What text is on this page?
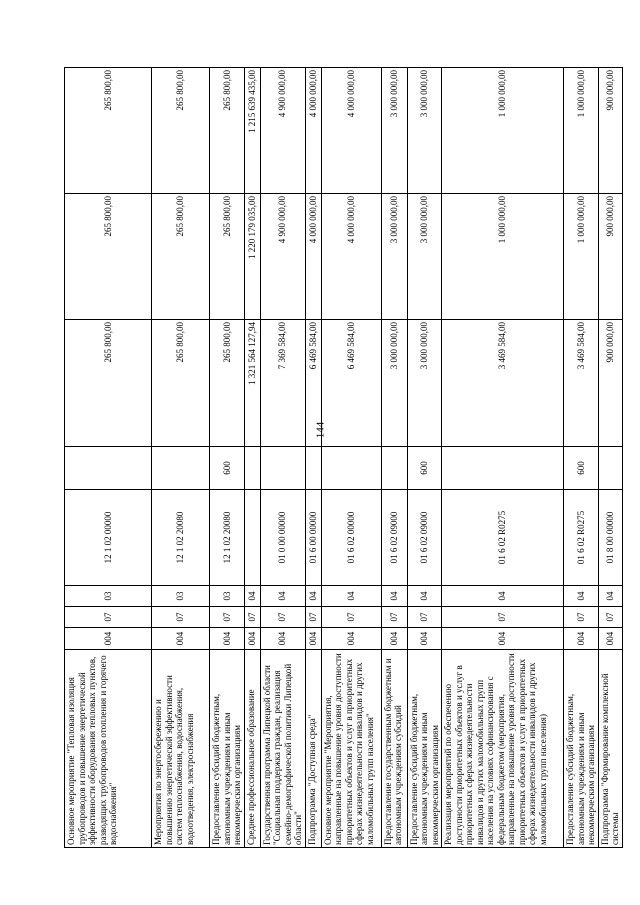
144
Основное мероприятие "Тепловая изоляция трубопроводов и повышение энергетической эффективности оборудования тепловых пунктов, разводящих трубопроводов отопления и горячего водоснабжения"	004	07	03	12 1 02 00000		265 800,00	265 800,00	265 800,00
Мероприятия по энергосбережению и повышению энергетической эффективности систем теплоснабжения, водоснабжения, водоотведения, электроснабжения	004	07	03	12 1 02 20080		265 800,00	265 800,00	265 800,00
Предоставление субсидий бюджетным, автономным учреждениям и иным некоммерческим организациям	004	07	03	12 1 02 20080	600	265 800,00	265 800,00	265 800,00
Среднее профессиональное образование	004	07	04			1 321 564 127,94	1 220 179 035,00	1 215 639 435,00
Государственная программа Липецкой области "Социальная поддержка граждан, реализация семейно-демографической политики Липецкой области"	004	07	04	01 0 00 00000		7 369 584,00	4 900 000,00	4 900 000,00
Подпрограмма "Доступная среда"	004	07	04	01 6 00 00000		6 469 584,00	4 000 000,00	4 000 000,00
Основное мероприятие "Мероприятия, направленные на повышение уровня доступности приоритетных объектов и услуг в приоритетных сферах жизнедеятельности инвалидов и других маломобильных групп населения"	004	07	04	01 6 02 00000		6 469 584,00	4 000 000,00	4 000 000,00
Предоставление государственным бюджетным и автономным учреждениям субсидий	004	07	04	01 6 02 09000		3 000 000,00	3 000 000,00	3 000 000,00
Предоставление субсидий бюджетным, автономным учреждениям и иным некоммерческим организациям	004	07	04	01 6 02 09000	600	3 000 000,00	3 000 000,00	3 000 000,00
Реализация мероприятий по обеспечению доступности приоритетных объектов и услуг в приоритетных сферах жизнедеятельности инвалидов и других маломобильных групп населения на условиях софинансирования с федеральным бюджетом (мероприятия, направленные на повышение уровня доступности приоритетных объектов и услуг в приоритетных сферах жизнедеятельности инвалидов и других маломобильных групп населения)	004	07	04	01 6 02 R0275		3 469 584,00	1 000 000,00	1 000 000,00
Предоставление субсидий бюджетным, автономным учреждениям и иным некоммерческим организациям	004	07	04	01 6 02 R0275	600	3 469 584,00	1 000 000,00	1 000 000,00
Подпрограмма "Формирование комплексной системы	004	07	04	01 8 00 00000		900 000,00	900 000,00	900 000,00
